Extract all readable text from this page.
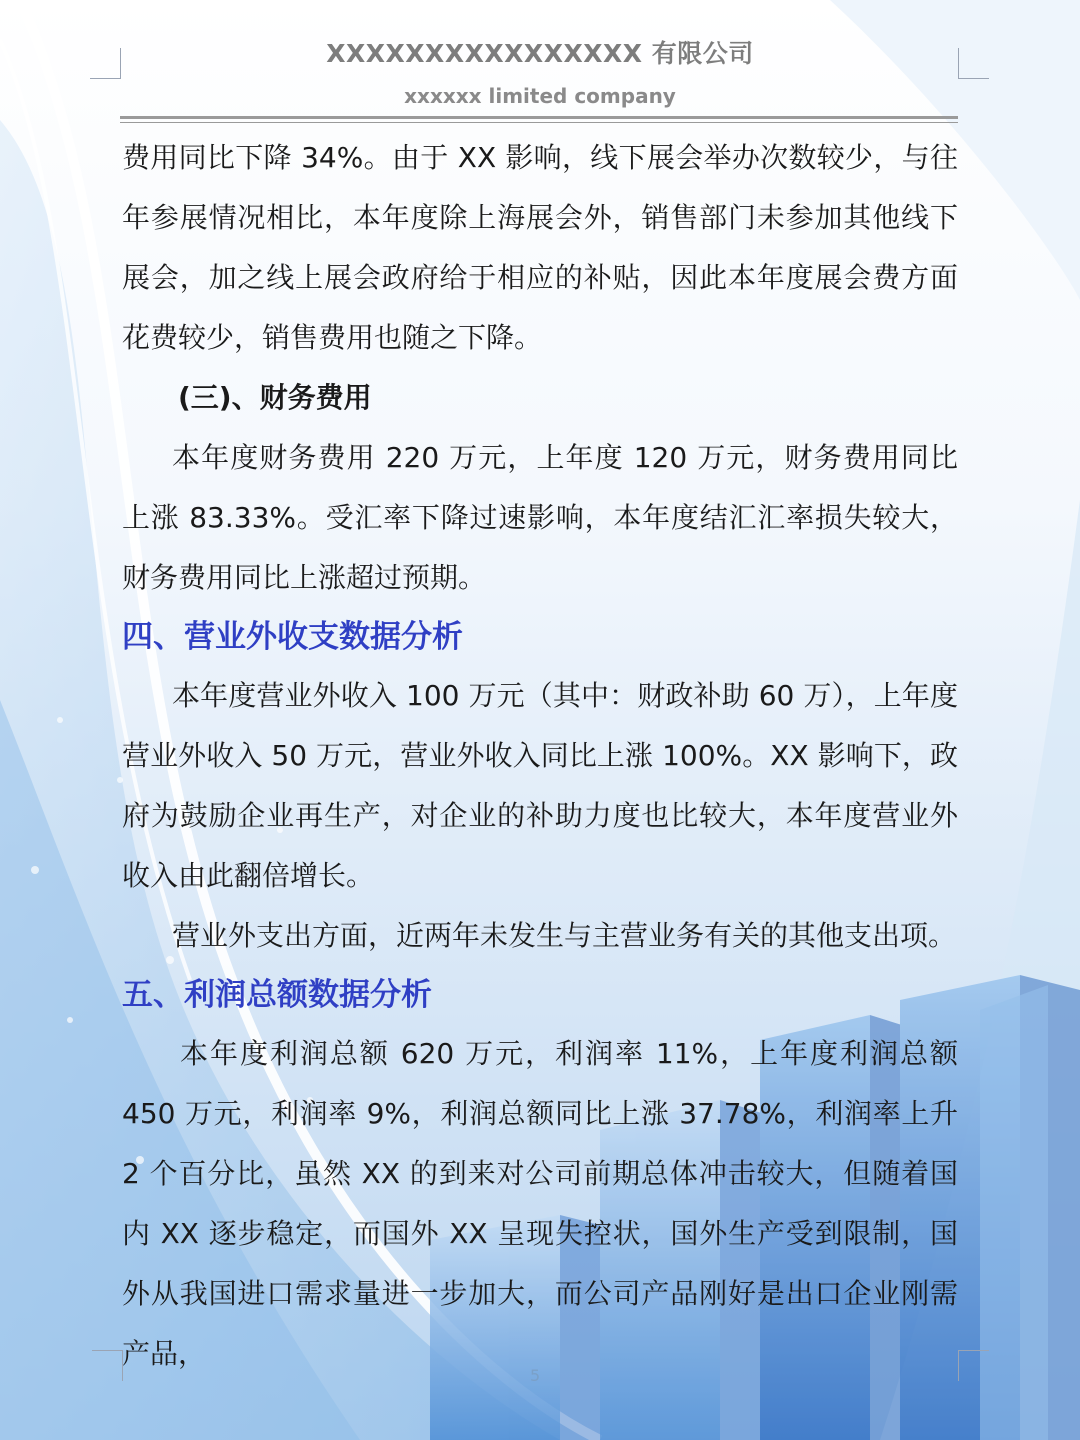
XXXXXXXXXXXXXXXX 有限公司
xxxxxx limited company

费用同比下降 34%。由于 XX 影响，线下展会举办次数较少，与往年参展情况相比，本年度除上海展会外，销售部门未参加其他线下展会，加之线上展会政府给于相应的补贴，因此本年度展会费方面花费较少，销售费用也随之下降。

(三)、财务费用

本年度财务费用 220 万元，上年度 120 万元，财务费用同比上涨 83.33%。受汇率下降过速影响，本年度结汇汇率损失较大，财务费用同比上涨超过预期。

四、营业外收支数据分析

本年度营业外收入 100 万元（其中：财政补助 60 万），上年度营业外收入 50 万元，营业外收入同比上涨 100%。XX 影响下，政府为鼓励企业再生产，对企业的补助力度也比较大，本年度营业外收入由此翻倍增长。

营业外支出方面，近两年未发生与主营业务有关的其他支出项。

五、利润总额数据分析

本年度利润总额 620 万元，利润率 11%，上年度利润总额 450 万元，利润率 9%，利润总额同比上涨 37.78%，利润率上升 2 个百分比，虽然 XX 的到来对公司前期总体冲击较大，但随着国内 XX 逐步稳定，而国外 XX 呈现失控状，国外生产受到限制，国外从我国进口需求量进一步加大，而公司产品刚好是出口企业刚需产品，

5
